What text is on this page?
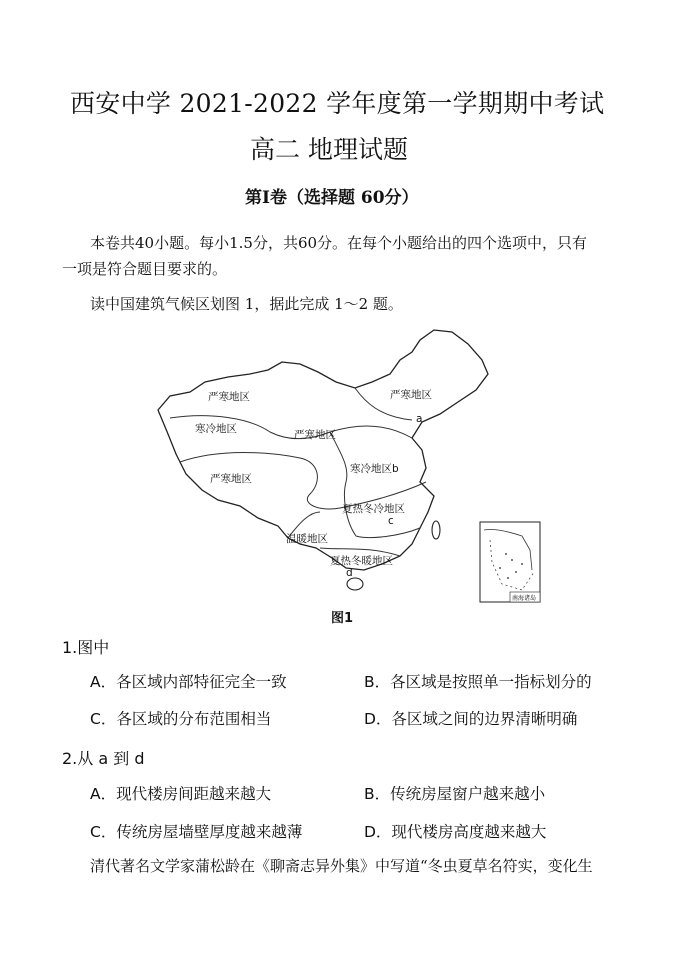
西安中学 2021-2022 学年度第一学期期中考试
高二 地理试题
第Ⅰ卷（选择题 60分）
本卷共40小题。每小1.5分，共60分。在每个小题给出的四个选项中，只有
一项是符合题目要求的。
读中国建筑气候区划图 1，据此完成 1～2 题。
严寒地区
严寒地区
寒冷地区	严寒地区
严寒地区
寒冷地区b
夏热冬冷地区
温暖地区
夏热冬暖地区
a
c
d
南海诸岛
图1
1.图中
A．各区域内部特征完全一致	B．各区域是按照单一指标划分的
C．各区域的分布范围相当	D．各区域之间的边界清晰明确
2.从 a 到 d
A．现代楼房间距越来越大	B．传统房屋窗户越来越小
C．传统房屋墙壁厚度越来越薄	D．现代楼房高度越来越大
清代著名文学家蒲松龄在《聊斋志异外集》中写道“冬虫夏草名符实，变化生
